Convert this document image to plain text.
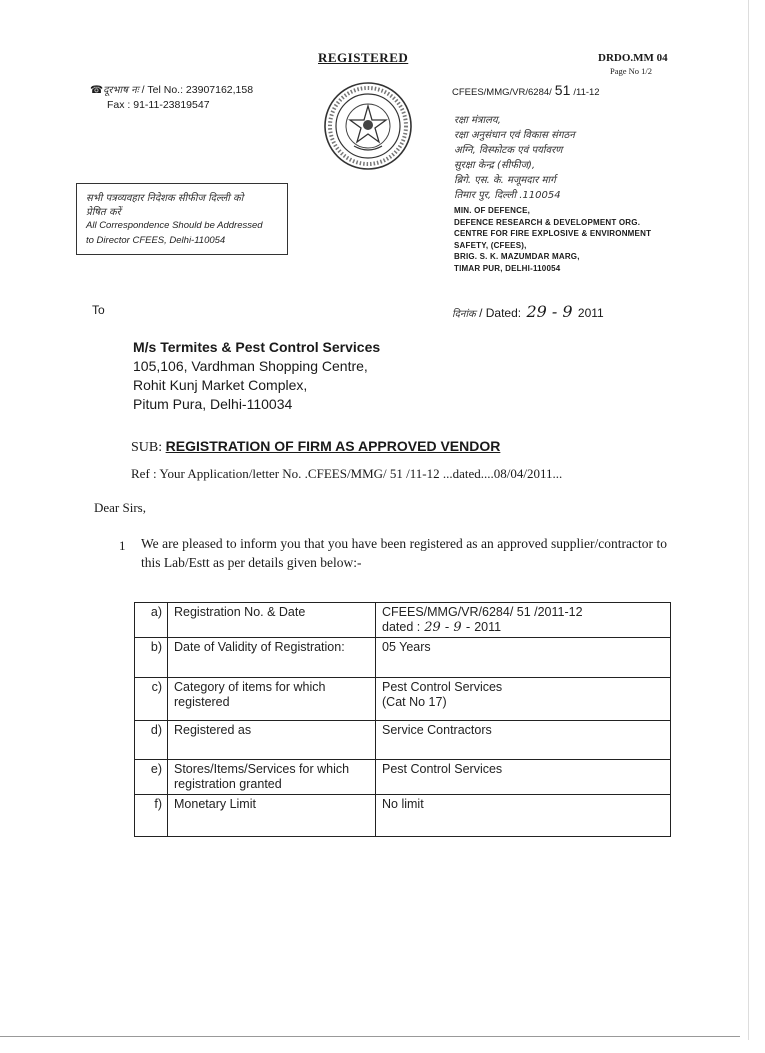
REGISTERED	DRDO.MM 04
Page No 1/2
☎दूरभाष नः / Tel No.: 23907162,158
Fax : 91-11-23819547
CFEES/MMG/VR/6284/ 51 /11-12
रक्षा मंत्रालय,
रक्षा अनुसंधान एवं विकास संगठन
अग्नि, विस्फोटक एवं पर्यावरण
सुरक्षा केन्द्र (सीफीज),
ब्रिगे. एस. के. मजूमदार मार्ग
तिमार पुर, दिल्ली .110054
MIN. OF DEFENCE,
DEFENCE RESEARCH & DEVELOPMENT ORG.
CENTRE FOR FIRE EXPLOSIVE & ENVIRONMENT
SAFETY, (CFEES),
BRIG. S. K. MAZUMDAR MARG,
TIMAR PUR, DELHI-110054
सभी पत्रव्यवहार निदेशक सीफीज दिल्ली को
प्रेषित करें
All Correspondence Should be Addressed
to Director CFEES, Delhi-110054
To	दिनांक / Dated: 29 - 9 2011
M/s Termites & Pest Control Services
105,106, Vardhman Shopping Centre,
Rohit Kunj Market Complex,
Pitum Pura, Delhi-110034
SUB: REGISTRATION OF FIRM AS APPROVED VENDOR
Ref : Your Application/letter No. .CFEES/MMG/ 51 /11-12 ...dated....08/04/2011...
Dear Sirs,
1 We are pleased to inform you that you have been registered as an approved supplier/contractor to this Lab/Estt as per details given below:-
a)	Registration No. & Date	CFEES/MMG/VR/6284/ 51 /2011-12
dated : 29 - 9 - 2011

b)	Date of Validity of Registration:	05 Years

c)	Category of items for which registered	Pest Control Services
(Cat No 17)

d)	Registered as	Service Contractors

e)	Stores/Items/Services for which registration granted	Pest Control Services

f)	Monetary Limit	No limit
